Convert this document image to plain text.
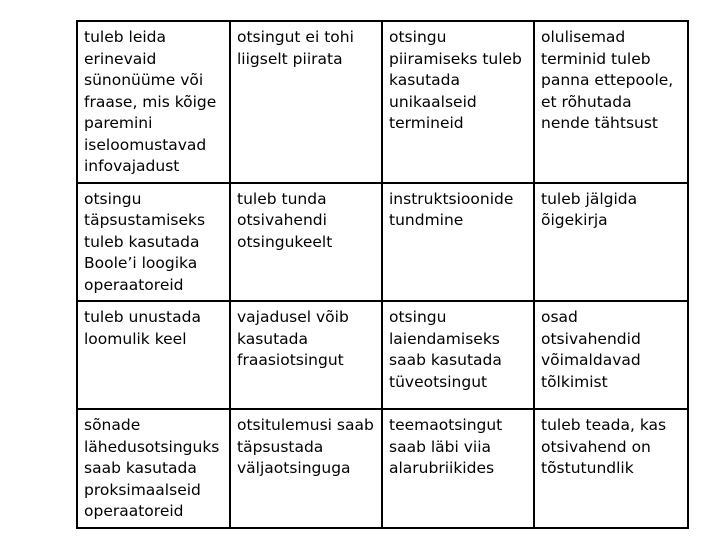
tuleb leida erinevaid sünonüüme või fraase, mis kõige paremini iseloomustavad infovajadust	otsingut ei tohi liigselt piirata	otsingu piiramiseks tuleb kasutada unikaalseid termineid	olulisemad terminid tuleb panna ettepoole, et rõhutada nende tähtsust
otsingu täpsustamiseks tuleb kasutada Boole’i loogika operaatoreid	tuleb tunda otsivahendi otsingukeelt	instruktsioonide tundmine	tuleb jälgida õigekirja
tuleb unustada loomulik keel	vajadusel võib kasutada fraasiotsingut	otsingu laiendamiseks saab kasutada tüveotsingut	osad otsivahendid võimaldavad tõlkimist
sõnade lähedusotsinguks saab kasutada proksimaalseid operaatoreid	otsitulemusi saab täpsustada väljaotsinguga	teemaotsingut saab läbi viia alarubriikides	tuleb teada, kas otsivahend on tõstutundlik
